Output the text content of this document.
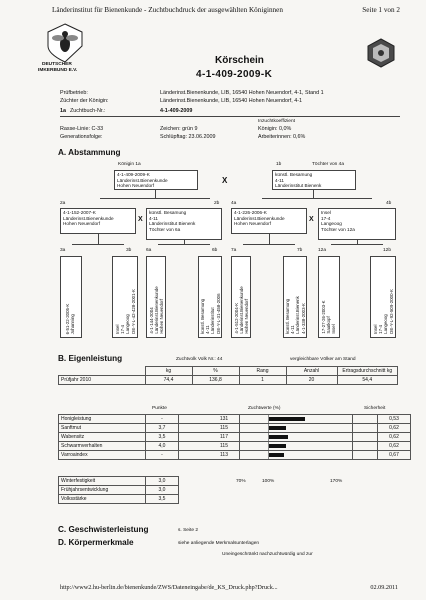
Länderinstitut für Bienenkunde - Zuchtbuchdruck der ausgewählten Königinnen	Seite 1 von 2
DEUTSCHER
IMKERBUND E.V.
Körschein
4-1-409-2009-K
Prüfbetrieb:	Länderinst.Bienenkunde, LIB, 16540 Hohen Neuendorf, 4-1, Stand 1
Züchter der Königin:	Länderinst.Bienenkunde, LIB, 16540 Hohen Neuendorf, 4-1
1a Zuchtbuch-Nr.:	4-1-409-2009
Inzuchtkoeffizient
Rasse-Linie: C-33	Zeichen: grün 9	Königin: 0,0%
Generationsfolge:	Schlüpftag: 23.06.2009	Arbeiterinnen: 0,6%
A. Abstammung
Königin 1a	1b	Töchter von 4a
4-1-409-2009-K
Länderinst.Bienenkunde
Hohen Neuendorf
X
künstl. Besamung
4-11
Länderinstitut Bienenk
2a	2b 4a	4b
4-1-152-2007-K
Länderinst.Bienenkunde
Hohen Neuendorf
X
künstl. Besamung
4-11
Länderinstitut Bienenk
Töchter von 6a
4-1-226-2006-K
Länderinst.Bienenkunde
Hohen Neuendorf
X
Insel
17-4
Langeoog
Töchter von 12a
3a	3b	6a	6b	7a	7b	12a	12b
6-51-22-2005-K Johanning	Insel 17-4 Langeoog DE-Y-L-42-428-2001-K	4-1-144-2004 Länderinst.Bienenkunde Hohen Neuendorf	künstl. Besamung 4-11 Länderinstitut DE-Y-L-31-458-2006	4-1-512-2004-K Länderinst.Bienenkunde Hohen Neuendorf	künstl. Besamung 4-11 Länderinst.Bienenk 4-1-338-2003-K	17-27-26-2003-K Saatkopf Insel	Insel 17-4 Langeoog DE-Y-L-92-509-2000-K
B. Eigenleistung	Zuchtvolk Volk Nr.: 44	vergleichbare Völker am Stand
	kg	%	Rang	Anzahl	Ertragsdurchschnitt kg
Prüfjahr 2010	74,4	136,8	1	20	54,4
Punkte	Zuchtwerte (%)	Sicherheit
Honigleistung	-		131			0,53
Sanftmut	3,7		115			0,62
Wabensitz	3,5		117			0,62
Schwarmverhalten	4,0		115			0,62
Varroaindex	-		113			0,67
Winterfestigkeit	3,0
Frühjahrsentwicklung	3,0
Volksstärke	3,5
70%	100%	170%
C. Geschwisterleistung	s. Seite 2
D. Körpermerkmale	siehe anliegende Merkmalsunterlagen
Uneingeschränkt nachzuchtwürdig und zur
http://www2.hu-berlin.de/bienenkunde/ZWS/Dateneingabe/de_KS_Druck.php?Druck...	02.09.2011
